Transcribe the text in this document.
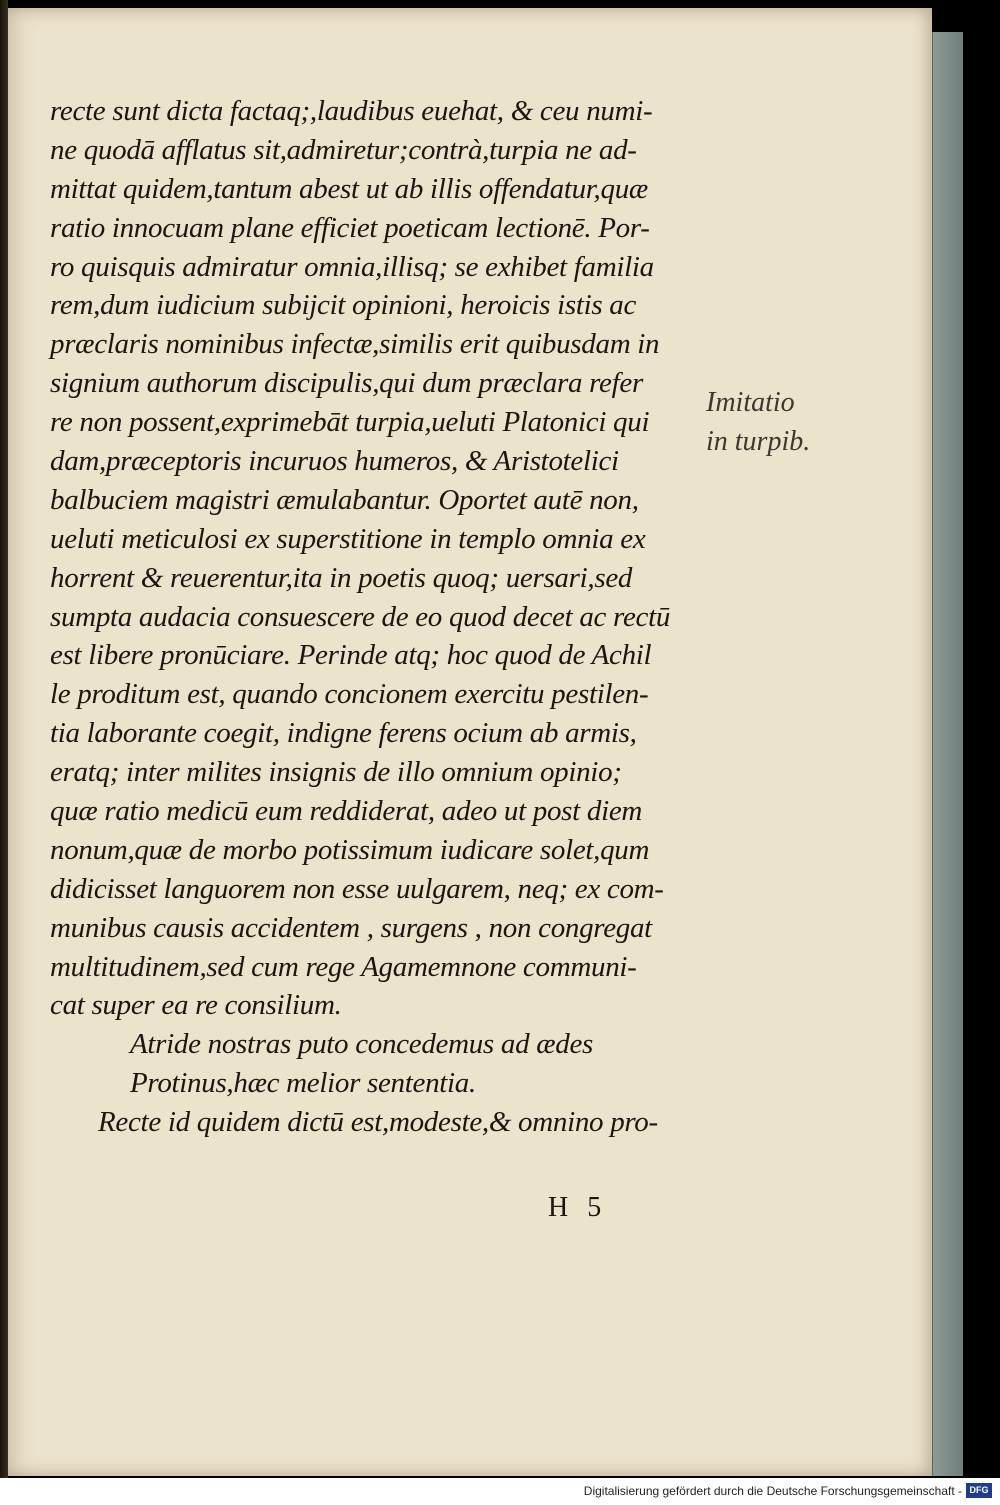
recte sunt dicta factaq;,laudibus euehat, & ceu numi-
ne quodā afflatus sit,admiretur;contrà,turpia ne ad-
mittat quidem,tantum abest ut ab illis offendatur,quæ
ratio innocuam plane efficiet poeticam lectionē. Por-
ro quisquis admiratur omnia,illisq; se exhibet familia
rem,dum iudicium subijcit opinioni, heroicis istis ac
præclaris nominibus infectæ,similis erit quibusdam in
signium authorum discipulis,qui dum præclara refer
re non possent,exprimebāt turpia,ueluti Platonici qui
dam,præceptoris incuruos humeros, & Aristotelici
balbuciem magistri æmulabantur. Oportet autē non,
ueluti meticulosi ex superstitione in templo omnia ex
horrent & reuerentur,ita in poetis quoq; uersari,sed
sumpta audacia consuescere de eo quod decet ac rectū
est libere pronūciare. Perinde atq; hoc quod de Achil
le proditum est, quando concionem exercitu pestilen-
tia laborante coegit, indigne ferens ocium ab armis,
eratq; inter milites insignis de illo omnium opinio;
quæ ratio medicū eum reddiderat, adeo ut post diem
nonum,quæ de morbo potissimum iudicare solet,qum
didicisset languorem non esse uulgarem, neq; ex com-
munibus causis accidentem , surgens , non congregat
multitudinem,sed cum rege Agamemnone communi-
cat super ea re consilium.
Atride nostras puto concedemus ad ædes
Protinus,hæc melior sententia.
Recte id quidem dictū est,modeste,& omnino pro-
Imitatio
in turpib.
H 5
Digitalisierung gefördert durch die Deutsche Forschungsgemeinschaft - DFG
